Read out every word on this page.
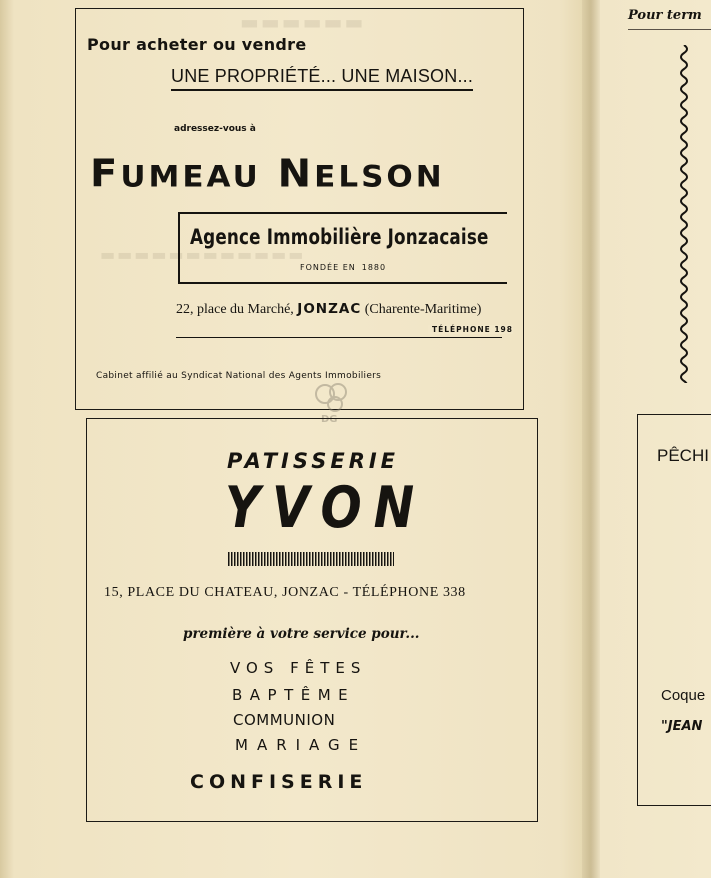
▬▬▬▬▬▬
▬▬▬▬▬▬▬▬▬▬▬▬
Pour acheter ou vendre
UNE PROPRIÉTÉ... UNE MAISON...
adressez-vous à
FUMEAU NELSON
Agence Immobilière Jonzacaise
FONDÉE EN 1880
22, place du Marché, JONZAC (Charente-Maritime)
TÉLÉPHONE 198
Cabinet affilié au Syndicat National des Agents Immobiliers
DG
PATISSERIE
YVON
15, PLACE DU CHATEAU, JONZAC - TÉLÉPHONE 338
première à votre service pour...
VOS FÊTES
BAPTÊME
COMMUNION
MARIAGE
CONFISERIE
Pour term
PÊCHI
Coque
"JEAN
